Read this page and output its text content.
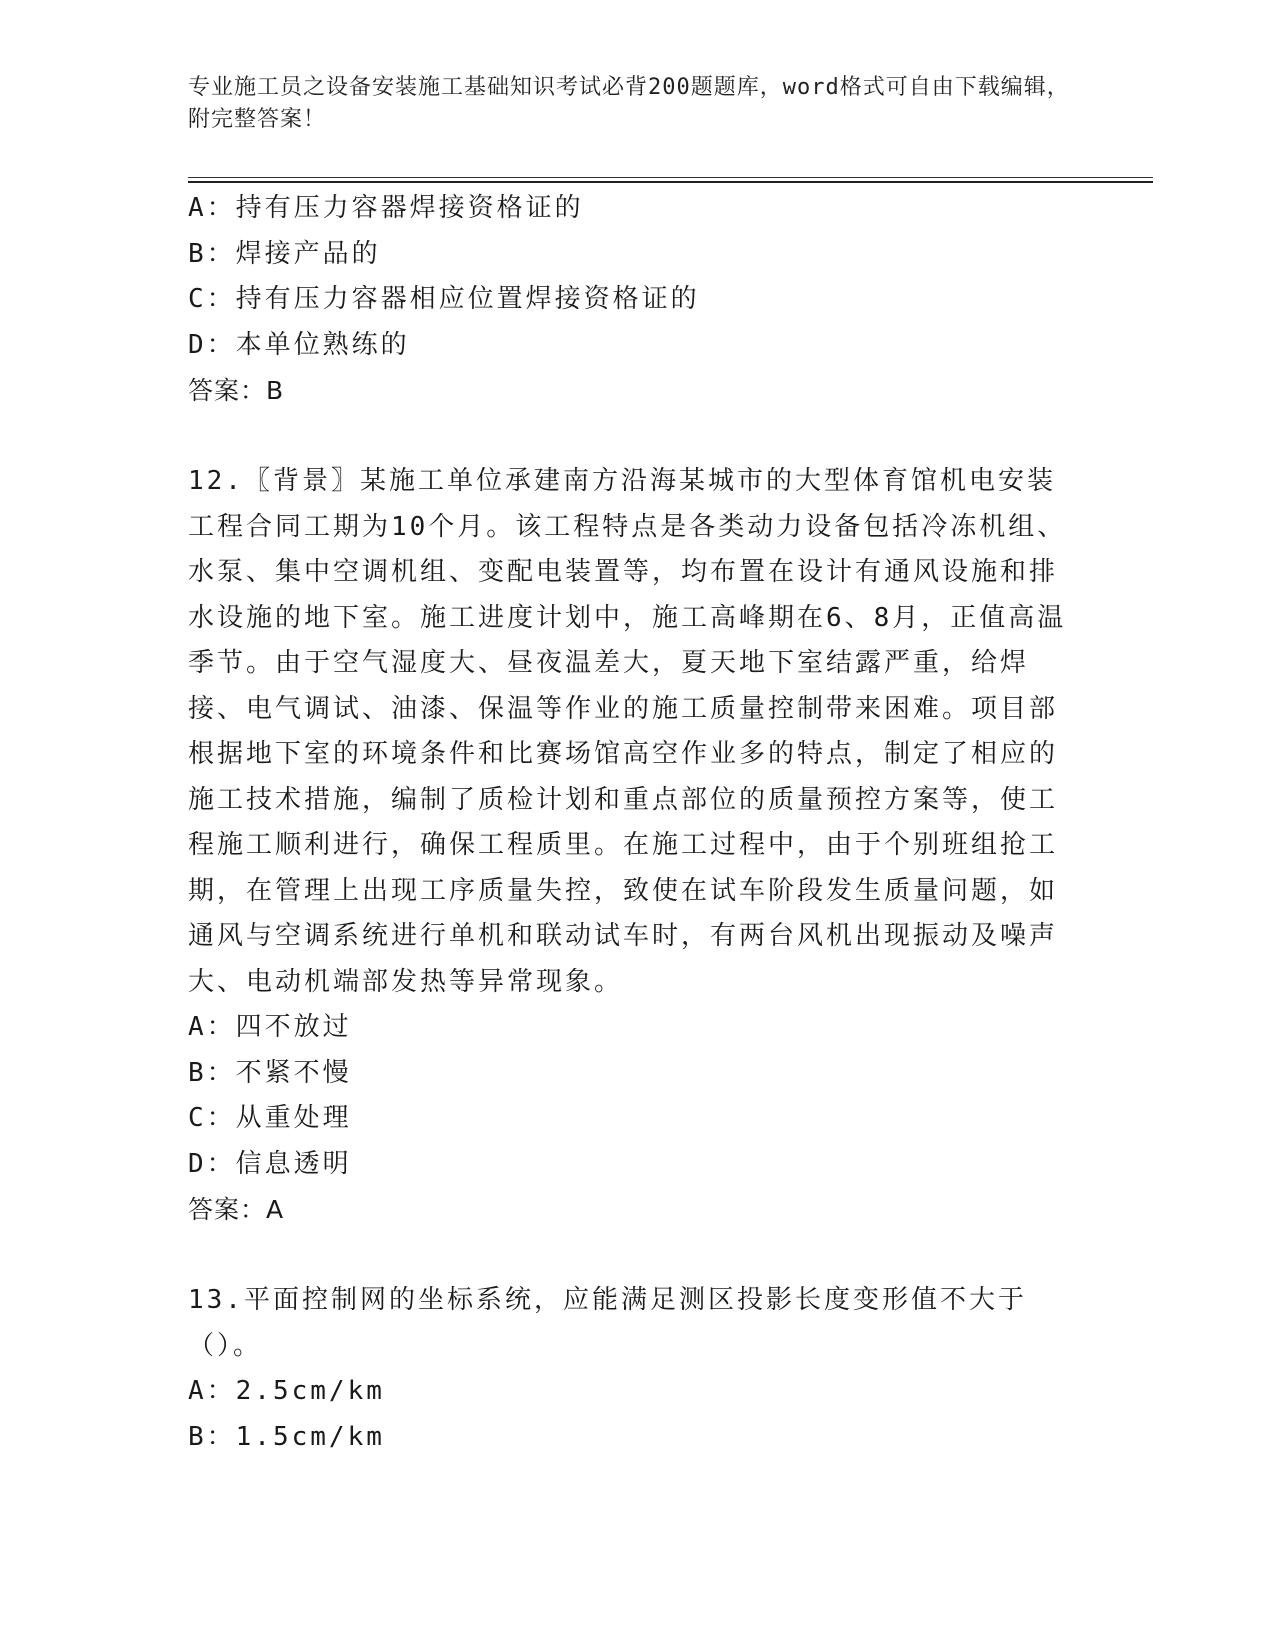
专业施工员之设备安装施工基础知识考试必背200题题库，word格式可自由下载编辑，附完整答案！
A：持有压力容器焊接资格证的
B：焊接产品的
C：持有压力容器相应位置焊接资格证的
D：本单位熟练的
答案：B
12.〖背景〗某施工单位承建南方沿海某城市的大型体育馆机电安装工程合同工期为10个月。该工程特点是各类动力设备包括冷冻机组、水泵、集中空调机组、变配电装置等，均布置在设计有通风设施和排水设施的地下室。施工进度计划中，施工高峰期在6、8月，正值高温季节。由于空气湿度大、昼夜温差大，夏天地下室结露严重，给焊接、电气调试、油漆、保温等作业的施工质量控制带来困难。项目部根据地下室的环境条件和比赛场馆高空作业多的特点，制定了相应的施工技术措施，编制了质检计划和重点部位的质量预控方案等，使工程施工顺利进行，确保工程质里。在施工过程中，由于个别班组抢工期，在管理上出现工序质量失控，致使在试车阶段发生质量问题，如通风与空调系统进行单机和联动试车时，有两台风机出现振动及噪声大、电动机端部发热等异常现象。
A：四不放过
B：不紧不慢
C：从重处理
D：信息透明
答案：A
13.平面控制网的坐标系统，应能满足测区投影长度变形值不大于（）。
A：2.5cm/km
B：1.5cm/km
